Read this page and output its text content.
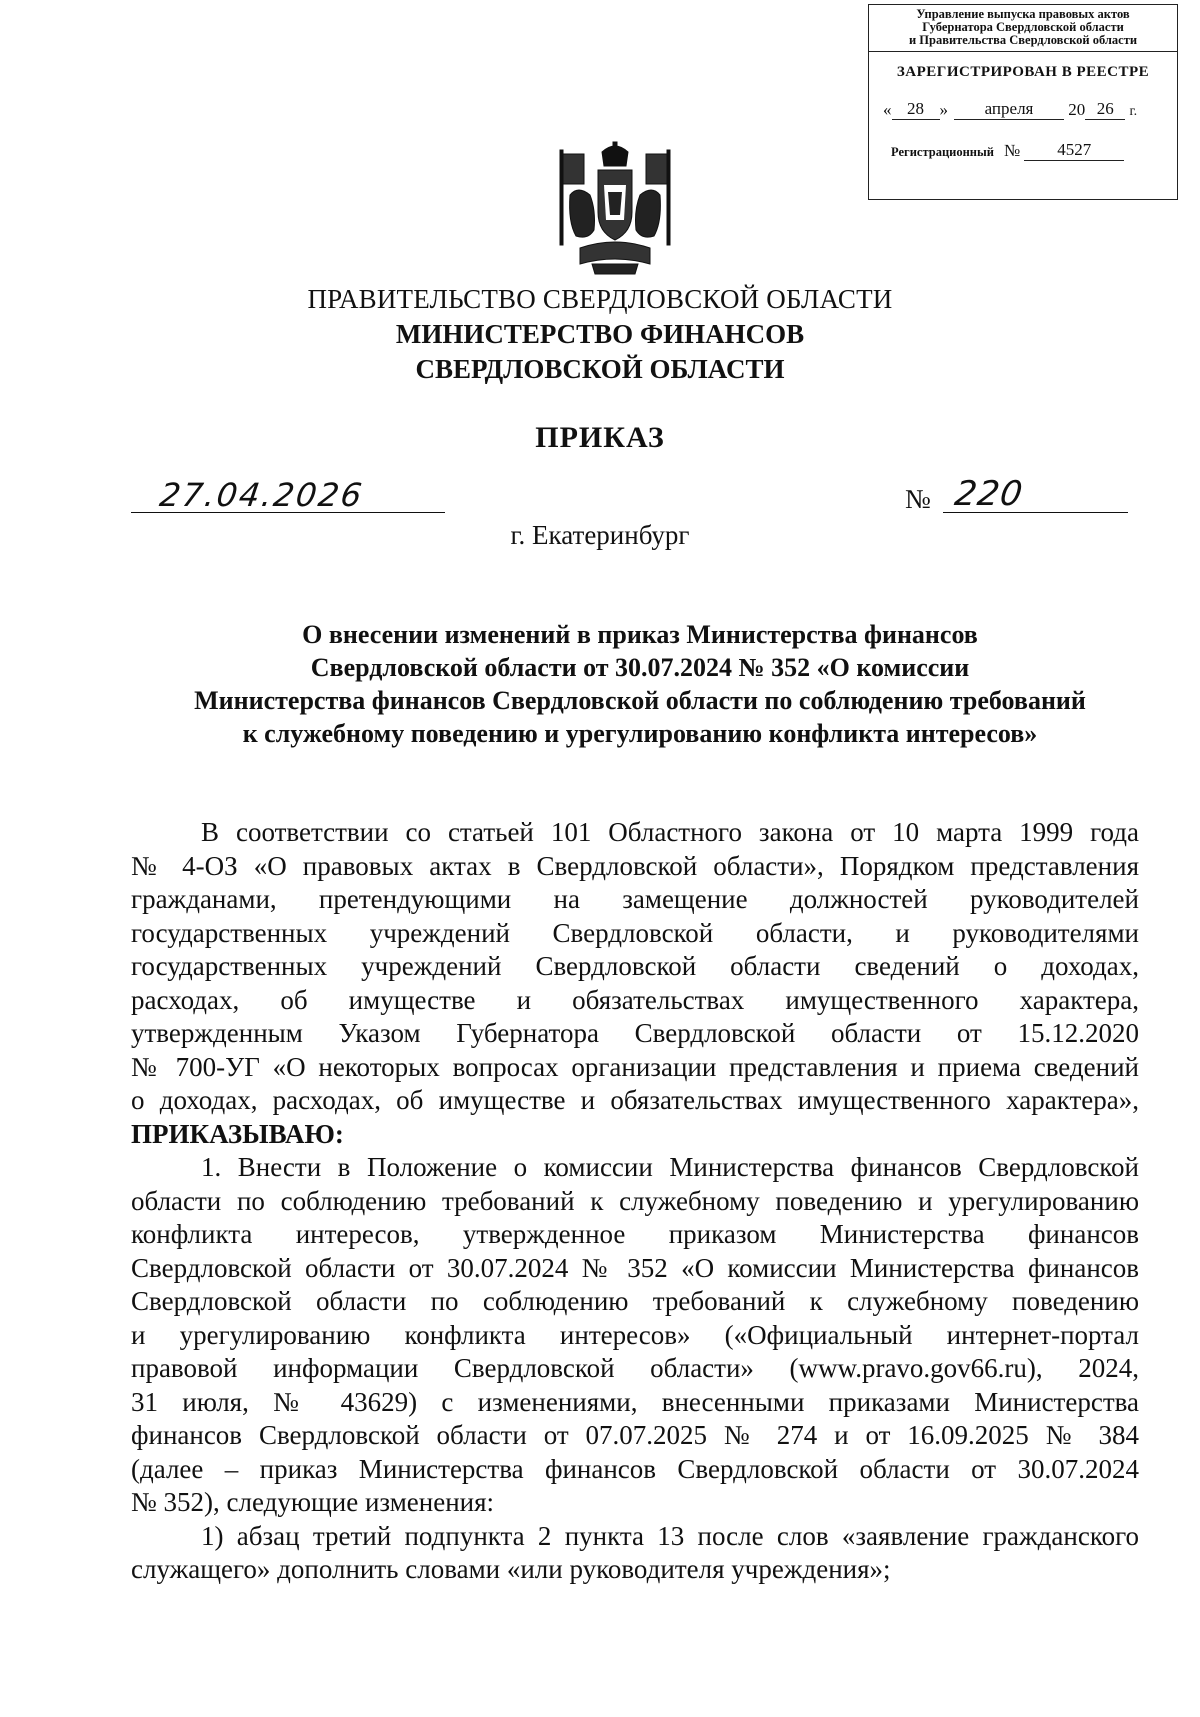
Управление выпуска правовых актов
Губернатора Свердловской области
и Правительства Свердловской области
ЗАРЕГИСТРИРОВАН В РЕЕСТРЕ
« 28 » апреля 20 26 г.
Регистрационный № 4527
ПРАВИТЕЛЬСТВО СВЕРДЛОВСКОЙ ОБЛАСТИ
МИНИСТЕРСТВО ФИНАНСОВ
СВЕРДЛОВСКОЙ ОБЛАСТИ
ПРИКАЗ
27.04.2026	№ 220
г. Екатеринбург
О внесении изменений в приказ Министерства финансов
Свердловской области от 30.07.2024 № 352 «О комиссии
Министерства финансов Свердловской области по соблюдению требований
к служебному поведению и урегулированию конфликта интересов»
В соответствии со статьей 101 Областного закона от 10 марта 1999 года
№ 4-ОЗ «О правовых актах в Свердловской области», Порядком представления
гражданами, претендующими на замещение должностей руководителей
государственных учреждений Свердловской области, и руководителями
государственных учреждений Свердловской области сведений о доходах,
расходах, об имуществе и обязательствах имущественного характера,
утвержденным Указом Губернатора Свердловской области от 15.12.2020
№ 700-УГ «О некоторых вопросах организации представления и приема сведений
о доходах, расходах, об имуществе и обязательствах имущественного характера»,
ПРИКАЗЫВАЮ:
1. Внести в Положение о комиссии Министерства финансов Свердловской
области по соблюдению требований к служебному поведению и урегулированию
конфликта интересов, утвержденное приказом Министерства финансов
Свердловской области от 30.07.2024 № 352 «О комиссии Министерства финансов
Свердловской области по соблюдению требований к служебному поведению
и урегулированию конфликта интересов» («Официальный интернет-портал
правовой информации Свердловской области» (www.pravo.gov66.ru), 2024,
31 июля, № 43629) с изменениями, внесенными приказами Министерства
финансов Свердловской области от 07.07.2025 № 274 и от 16.09.2025 № 384
(далее – приказ Министерства финансов Свердловской области от 30.07.2024
№ 352), следующие изменения:
1) абзац третий подпункта 2 пункта 13 после слов «заявление гражданского
служащего» дополнить словами «или руководителя учреждения»;
